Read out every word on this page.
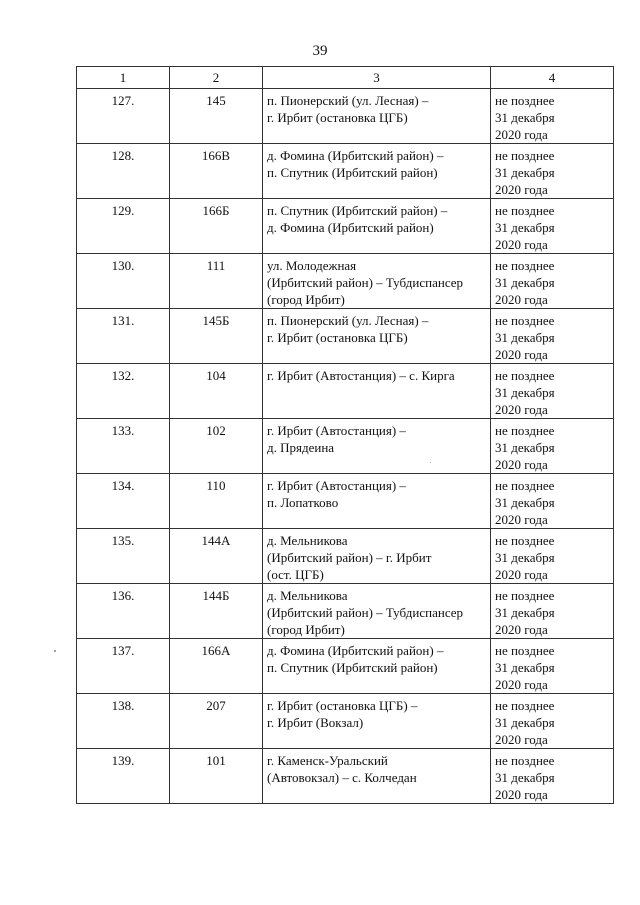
39
1	2	3	4
127.	145	п. Пионерский (ул. Лесная) –
г. Ирбит (остановка ЦГБ)	не позднее
31 декабря
2020 года

128.	166В	д. Фомина (Ирбитский район) –
п. Спутник (Ирбитский район)	не позднее
31 декабря
2020 года

129.	166Б	п. Спутник (Ирбитский район) –
д. Фомина (Ирбитский район)	не позднее
31 декабря
2020 года

130.	111	ул. Молодежная
(Ирбитский район) – Тубдиспансер
(город Ирбит)	не позднее
31 декабря
2020 года

131.	145Б	п. Пионерский (ул. Лесная) –
г. Ирбит (остановка ЦГБ)	не позднее
31 декабря
2020 года

132.	104	г. Ирбит (Автостанция) – с. Кирга	не позднее
31 декабря
2020 года

133.	102	г. Ирбит (Автостанция) –
д. Прядеина	не позднее
31 декабря
2020 года

134.	110	г. Ирбит (Автостанция) –
п. Лопатково	не позднее
31 декабря
2020 года

135.	144А	д. Мельникова
(Ирбитский район) – г. Ирбит
(ост. ЦГБ)	не позднее
31 декабря
2020 года

136.	144Б	д. Мельникова
(Ирбитский район) – Тубдиспансер
(город Ирбит)	не позднее
31 декабря
2020 года

137.	166А	д. Фомина (Ирбитский район) –
п. Спутник (Ирбитский район)	не позднее
31 декабря
2020 года

138.	207	г. Ирбит (остановка ЦГБ) –
г. Ирбит (Вокзал)	не позднее
31 декабря
2020 года

139.	101	г. Каменск-Уральский
(Автовокзал) – с. Колчедан	не позднее
31 декабря
2020 года
